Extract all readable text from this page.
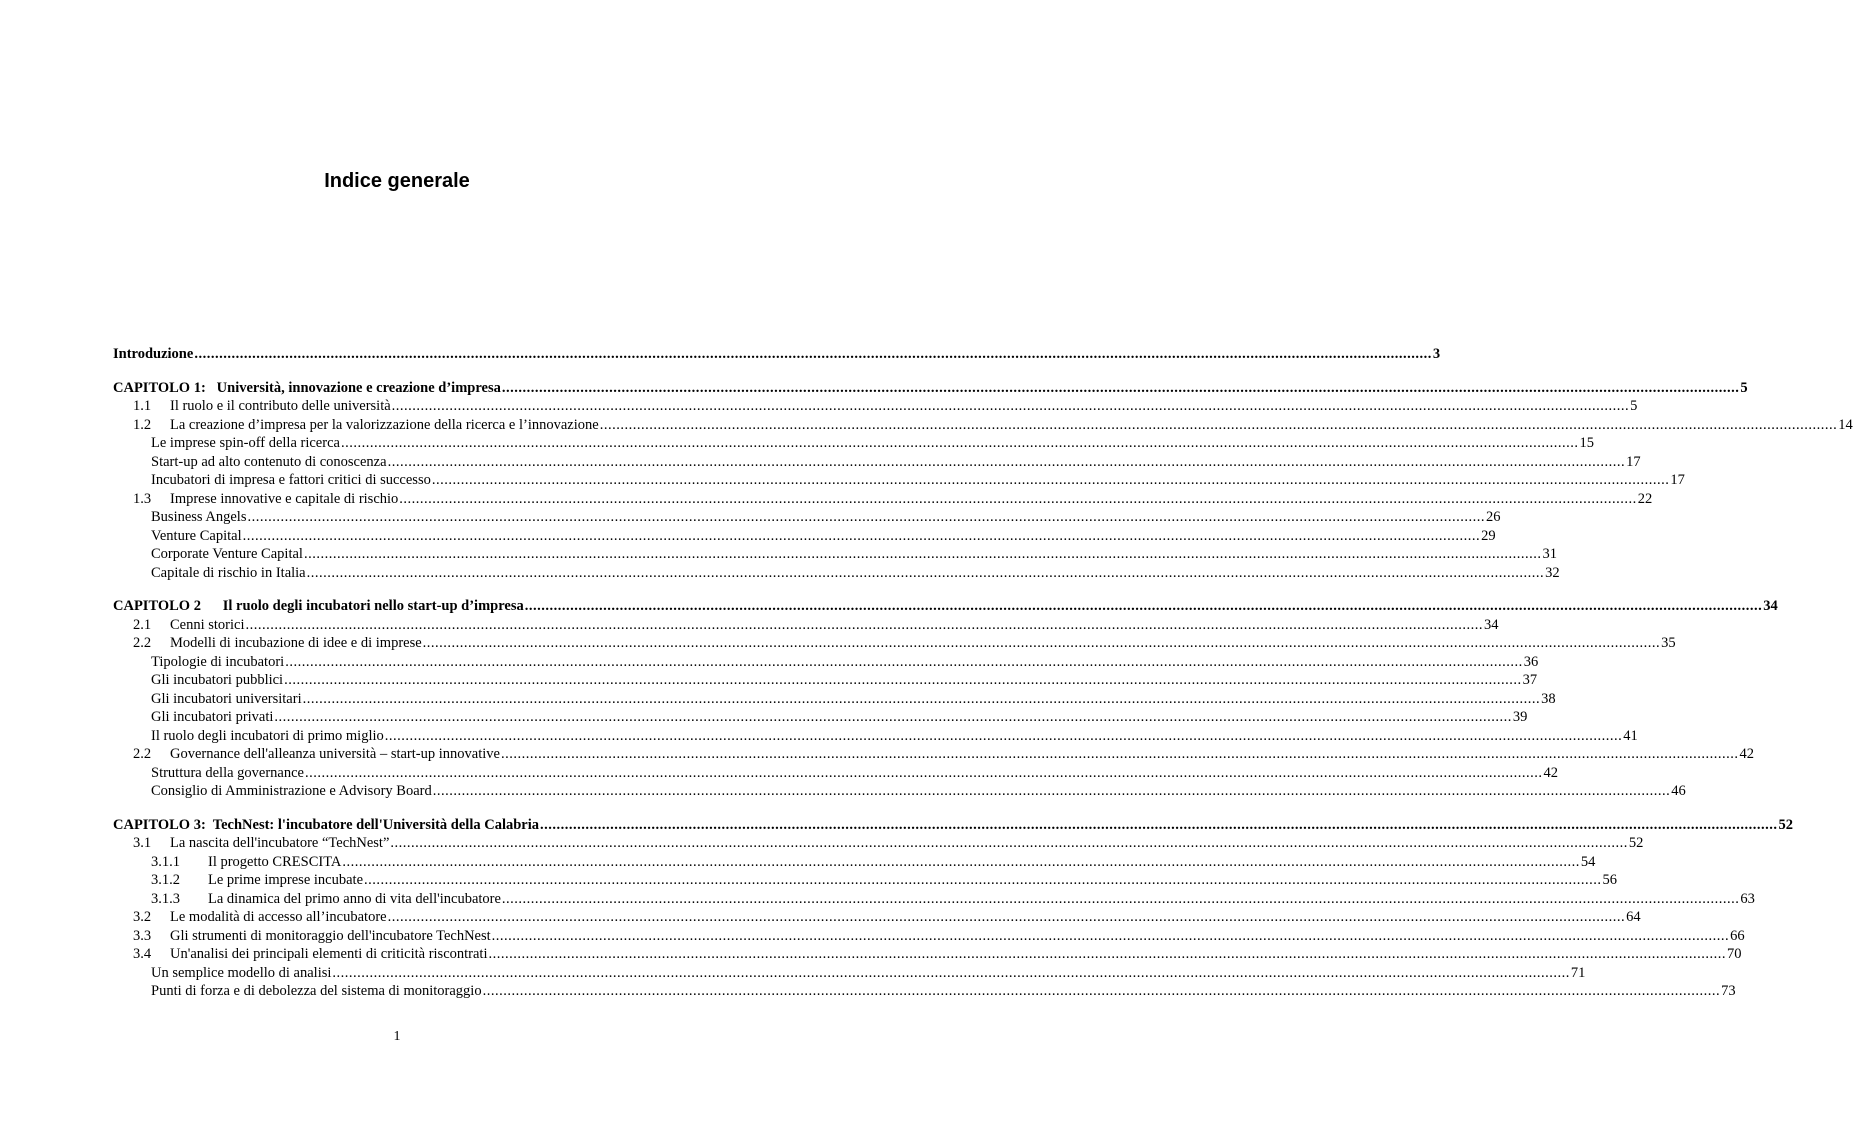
Indice generale
Introduzione ............................................................................................................................................................................................................................................................................................................ 3
CAPITOLO 1:   Università, innovazione e creazione d’impresa ............................................................................................................................................................................................................................................................................................................ 5
1.1 Il ruolo e il contributo delle università ............................................................................................................................................................................................................................................................................................................ 5
1.2 La creazione d’impresa per la valorizzazione della ricerca e l’innovazione ............................................................................................................................................................................................................................................................................................................ 14
Le imprese spin-off della ricerca ............................................................................................................................................................................................................................................................................................................ 15
Start-up ad alto contenuto di conoscenza ............................................................................................................................................................................................................................................................................................................ 17
Incubatori di impresa e fattori critici di successo ............................................................................................................................................................................................................................................................................................................ 17
1.3 Imprese innovative e capitale di rischio ............................................................................................................................................................................................................................................................................................................ 22
Business Angels ............................................................................................................................................................................................................................................................................................................ 26
Venture Capital ............................................................................................................................................................................................................................................................................................................ 29
Corporate Venture Capital ............................................................................................................................................................................................................................................................................................................ 31
Capitale di rischio in Italia ............................................................................................................................................................................................................................................................................................................ 32
CAPITOLO 2      Il ruolo degli incubatori nello start-up d’impresa ............................................................................................................................................................................................................................................................................................................ 34
2.1 Cenni storici ............................................................................................................................................................................................................................................................................................................ 34
2.2 Modelli di incubazione di idee e di imprese ............................................................................................................................................................................................................................................................................................................ 35
Tipologie di incubatori ............................................................................................................................................................................................................................................................................................................ 36
Gli incubatori pubblici ............................................................................................................................................................................................................................................................................................................ 37
Gli incubatori universitari ............................................................................................................................................................................................................................................................................................................ 38
Gli incubatori privati ............................................................................................................................................................................................................................................................................................................ 39
Il ruolo degli incubatori di primo miglio ............................................................................................................................................................................................................................................................................................................ 41
2.2 Governance dell'alleanza università – start-up innovative ............................................................................................................................................................................................................................................................................................................ 42
Struttura della governance ............................................................................................................................................................................................................................................................................................................ 42
Consiglio di Amministrazione e Advisory Board ............................................................................................................................................................................................................................................................................................................ 46
CAPITOLO 3:  TechNest: l'incubatore dell'Università della Calabria ............................................................................................................................................................................................................................................................................................................ 52
3.1 La nascita dell'incubatore “TechNest” ............................................................................................................................................................................................................................................................................................................ 52
3.1.1 Il progetto CRESCITA ............................................................................................................................................................................................................................................................................................................ 54
3.1.2 Le prime imprese incubate ............................................................................................................................................................................................................................................................................................................ 56
3.1.3 La dinamica del primo anno di vita dell'incubatore ............................................................................................................................................................................................................................................................................................................ 63
3.2 Le modalità di accesso all’incubatore ............................................................................................................................................................................................................................................................................................................ 64
3.3 Gli strumenti di monitoraggio dell'incubatore TechNest ............................................................................................................................................................................................................................................................................................................ 66
3.4 Un'analisi dei principali elementi di criticità riscontrati ............................................................................................................................................................................................................................................................................................................ 70
Un semplice modello di analisi ............................................................................................................................................................................................................................................................................................................ 71
Punti di forza e di debolezza del sistema di monitoraggio ............................................................................................................................................................................................................................................................................................................ 73
1
